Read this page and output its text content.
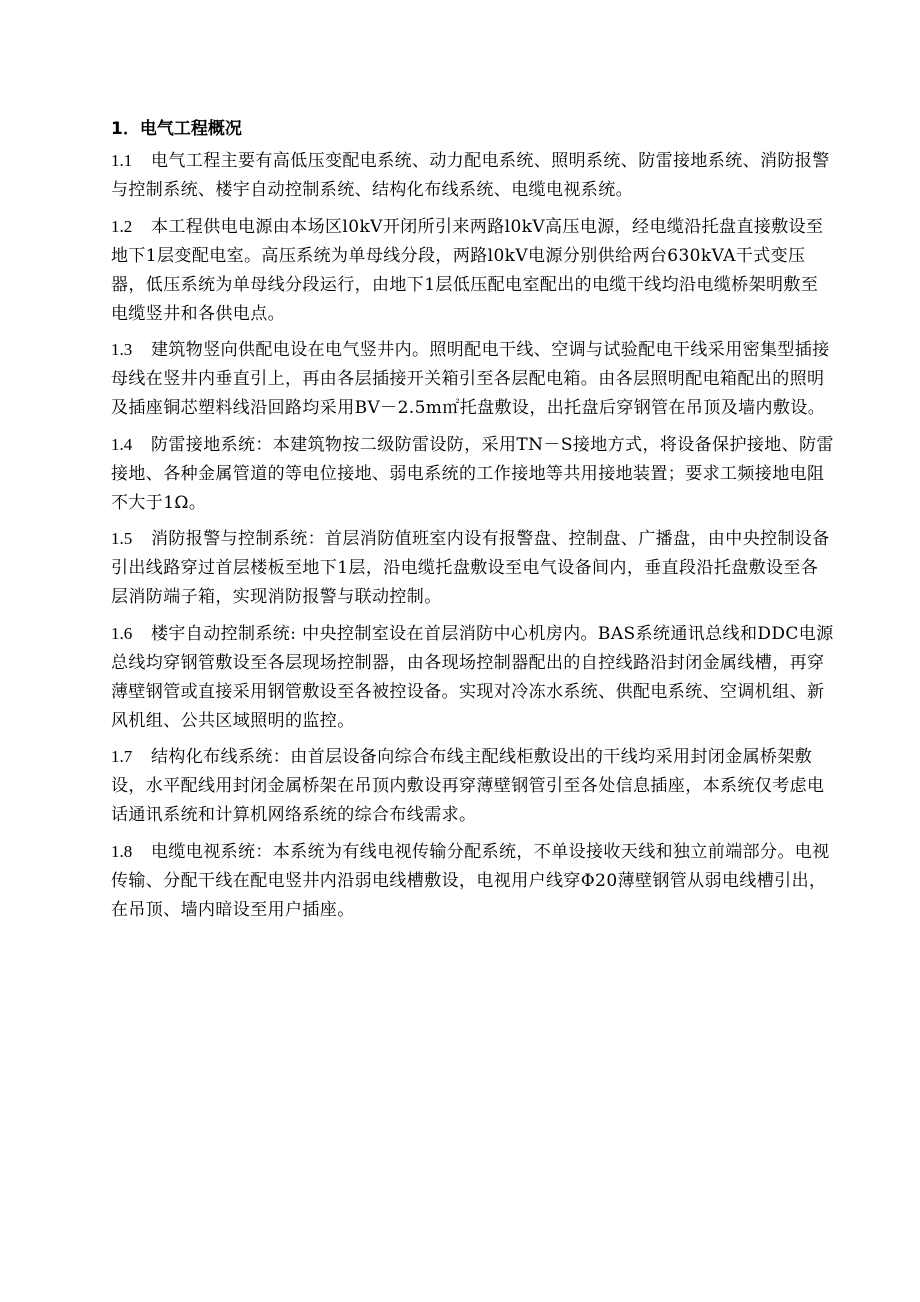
1．电气工程概况

1.1 电气工程主要有高低压变配电系统、动力配电系统、照明系统、防雷接地系统、消防报警与控制系统、楼宇自动控制系统、结构化布线系统、电缆电视系统。

1.2 本工程供电电源由本场区l0kV开闭所引来两路l0kV高压电源，经电缆沿托盘直接敷设至地下1层变配电室。高压系统为单母线分段，两路l0kV电源分别供给两台630kVA干式变压器，低压系统为单母线分段运行，由地下1层低压配电室配出的电缆干线均沿电缆桥架明敷至电缆竖井和各供电点。

1.3 建筑物竖向供配电设在电气竖井内。照明配电干线、空调与试验配电干线采用密集型插接母线在竖井内垂直引上，再由各层插接开关箱引至各层配电箱。由各层照明配电箱配出的照明及插座铜芯塑料线沿回路均采用BV－2.5m㎡托盘敷设，出托盘后穿钢管在吊顶及墙内敷设。

1.4 防雷接地系统：本建筑物按二级防雷设防，采用TN－S接地方式，将设备保护接地、防雷接地、各种金属管道的等电位接地、弱电系统的工作接地等共用接地装置；要求工频接地电阻不大于1Ω。

1.5 消防报警与控制系统：首层消防值班室内设有报警盘、控制盘、广播盘，由中央控制设备引出线路穿过首层楼板至地下1层，沿电缆托盘敷设至电气设备间内，垂直段沿托盘敷设至各层消防端子箱，实现消防报警与联动控制。

1.6 楼宇自动控制系统: 中央控制室设在首层消防中心机房内。BAS系统通讯总线和DDC电源总线均穿钢管敷设至各层现场控制器，由各现场控制器配出的自控线路沿封闭金属线槽，再穿薄壁钢管或直接采用钢管敷设至各被控设备。实现对冷冻水系统、供配电系统、空调机组、新风机组、公共区域照明的监控。

1.7 结构化布线系统：由首层设备向综合布线主配线柜敷设出的干线均采用封闭金属桥架敷设，水平配线用封闭金属桥架在吊顶内敷设再穿薄壁钢管引至各处信息插座，本系统仅考虑电话通讯系统和计算机网络系统的综合布线需求。

1.8 电缆电视系统：本系统为有线电视传输分配系统，不单设接收天线和独立前端部分。电视传输、分配干线在配电竖井内沿弱电线槽敷设，电视用户线穿Φ20薄壁钢管从弱电线槽引出，在吊顶、墙内暗设至用户插座。
